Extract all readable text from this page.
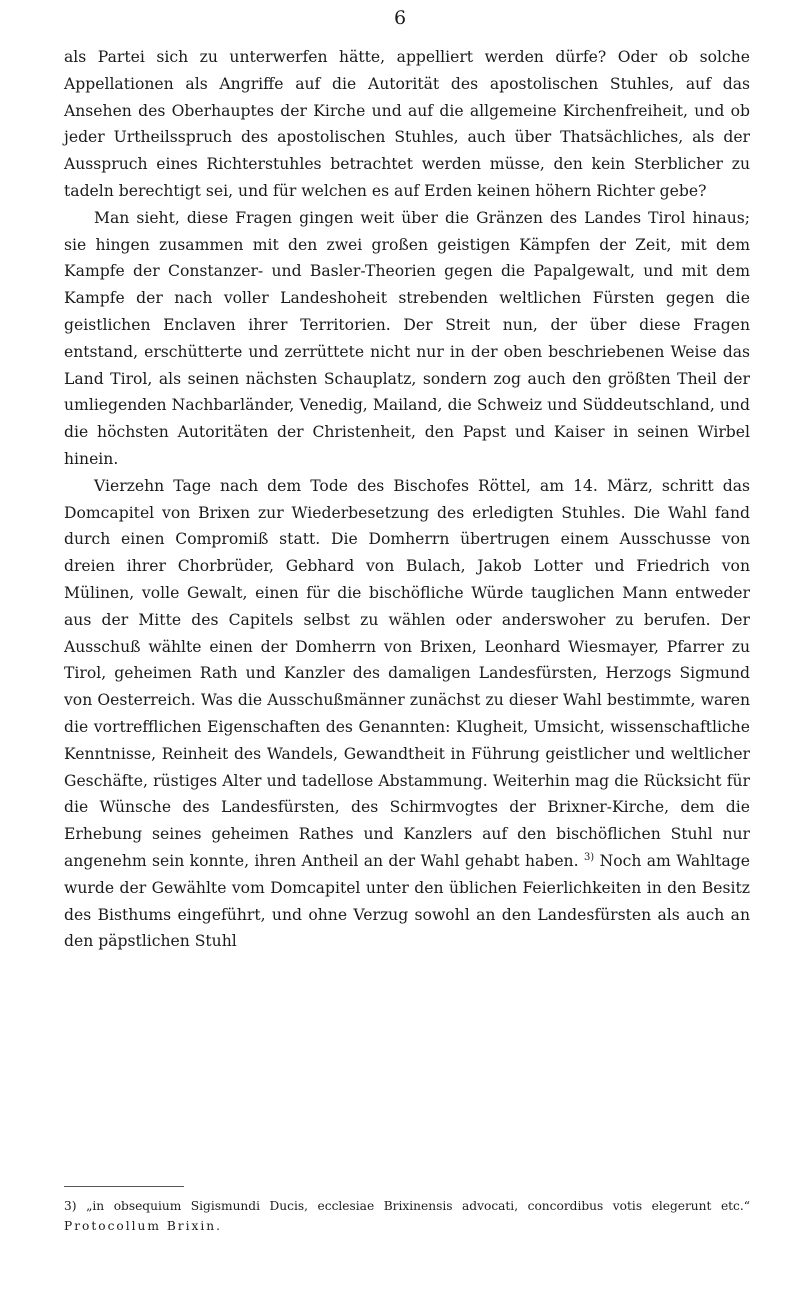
6

als Partei sich zu unterwerfen hätte, appelliert werden dürfe? Oder ob solche Appellationen als Angriffe auf die Autorität des apostolischen Stuhles, auf das Ansehen des Oberhauptes der Kirche und auf die allgemeine Kirchenfreiheit, und ob jeder Urtheilsspruch des apostolischen Stuhles, auch über Thatsächliches, als der Ausspruch eines Richterstuhles betrachtet werden müsse, den kein Sterblicher zu tadeln berechtigt sei, und für welchen es auf Erden keinen höhern Richter gebe?

Man sieht, diese Fragen gingen weit über die Gränzen des Landes Tirol hinaus; sie hingen zusammen mit den zwei großen geistigen Kämpfen der Zeit, mit dem Kampfe der Constanzer- und Basler-Theorien gegen die Papalgewalt, und mit dem Kampfe der nach voller Landeshoheit strebenden weltlichen Fürsten gegen die geistlichen Enclaven ihrer Territorien. Der Streit nun, der über diese Fragen entstand, erschütterte und zerrüttete nicht nur in der oben beschriebenen Weise das Land Tirol, als seinen nächsten Schauplatz, sondern zog auch den größten Theil der umliegenden Nachbarländer, Venedig, Mailand, die Schweiz und Süddeutschland, und die höchsten Autoritäten der Christenheit, den Papst und Kaiser in seinen Wirbel hinein.

Vierzehn Tage nach dem Tode des Bischofes Röttel, am 14. März, schritt das Domcapitel von Brixen zur Wiederbesetzung des erledigten Stuhles. Die Wahl fand durch einen Compromiß statt. Die Domherrn übertrugen einem Ausschusse von dreien ihrer Chorbrüder, Gebhard von Bulach, Jakob Lotter und Friedrich von Mülinen, volle Gewalt, einen für die bischöfliche Würde tauglichen Mann entweder aus der Mitte des Capitels selbst zu wählen oder anderswoher zu berufen. Der Ausschuß wählte einen der Domherrn von Brixen, Leonhard Wiesmayer, Pfarrer zu Tirol, geheimen Rath und Kanzler des damaligen Landesfürsten, Herzogs Sigmund von Oesterreich. Was die Ausschußmänner zunächst zu dieser Wahl bestimmte, waren die vortrefflichen Eigenschaften des Genannten: Klugheit, Umsicht, wissenschaftliche Kenntnisse, Reinheit des Wandels, Gewandtheit in Führung geistlicher und weltlicher Geschäfte, rüstiges Alter und tadellose Abstammung. Weiterhin mag die Rücksicht für die Wünsche des Landesfürsten, des Schirmvogtes der Brixner-Kirche, dem die Erhebung seines geheimen Rathes und Kanzlers auf den bischöflichen Stuhl nur angenehm sein konnte, ihren Antheil an der Wahl gehabt haben. $^{3)}$ Noch am Wahltage wurde der Gewählte vom Domcapitel unter den üblichen Feierlichkeiten in den Besitz des Bisthums eingeführt, und ohne Verzug sowohl an den Landesfürsten als auch an den päpstlichen Stuhl

3) „in obsequium Sigismundi Ducis, ecclesiae Brixinensis advocati, concordibus votis elegerunt etc.“ Protocollum Brixin.
